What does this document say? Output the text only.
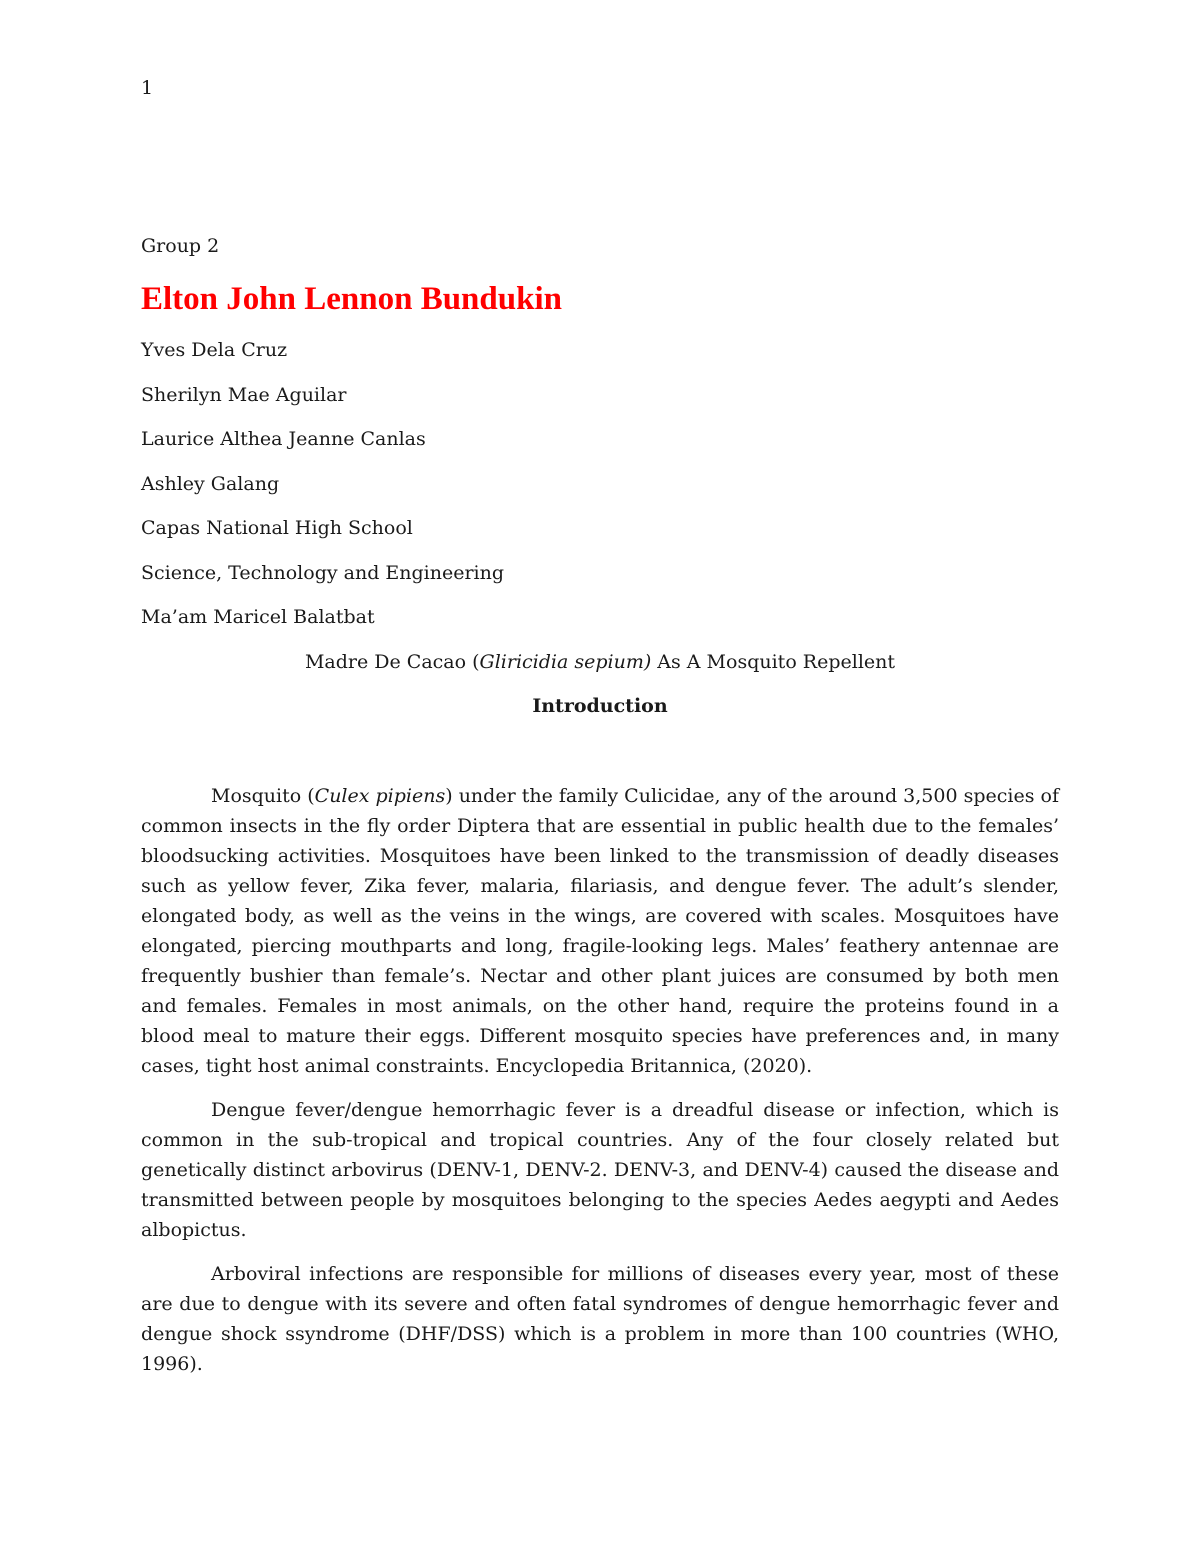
1

Group 2

Elton John Lennon Bundukin

Yves Dela Cruz

Sherilyn Mae Aguilar

Laurice Althea Jeanne Canlas

Ashley Galang

Capas National High School

Science, Technology and Engineering

Ma’am Maricel Balatbat

Madre De Cacao (Gliricidia sepium) As A Mosquito Repellent

Introduction

Mosquito (Culex pipiens) under the family Culicidae, any of the around 3,500 species of common insects in the fly order Diptera that are essential in public health due to the females’ bloodsucking activities. Mosquitoes have been linked to the transmission of deadly diseases such as yellow fever, Zika fever, malaria, filariasis, and dengue fever. The adult’s slender, elongated body, as well as the veins in the wings, are covered with scales. Mosquitoes have elongated, piercing mouthparts and long, fragile-looking legs. Males’ feathery antennae are frequently bushier than female’s. Nectar and other plant juices are consumed by both men and females. Females in most animals, on the other hand, require the proteins found in a blood meal to mature their eggs. Different mosquito species have preferences and, in many cases, tight host animal constraints. Encyclopedia Britannica, (2020).

Dengue fever/dengue hemorrhagic fever is a dreadful disease or infection, which is common in the sub-tropical and tropical countries. Any of the four closely related but genetically distinct arbovirus (DENV-1, DENV-2. DENV-3, and DENV-4) caused the disease and transmitted between people by mosquitoes belonging to the species Aedes aegypti and Aedes albopictus.

Arboviral infections are responsible for millions of diseases every year, most of these are due to dengue with its severe and often fatal syndromes of dengue hemorrhagic fever and dengue shock ssyndrome (DHF/DSS) which is a problem in more than 100 countries (WHO, 1996).
